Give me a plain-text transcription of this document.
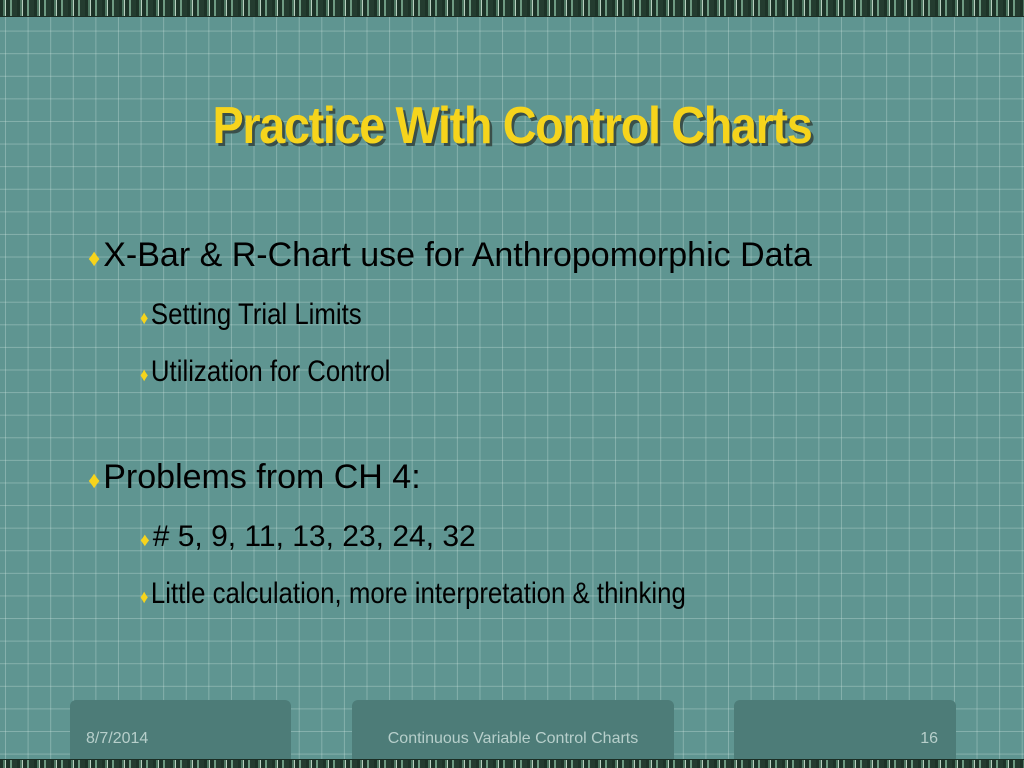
Practice With Control Charts
♦ X-Bar & R-Chart use for Anthropomorphic Data
♦ Setting Trial Limits
♦ Utilization for Control
♦ Problems from CH 4:
♦ # 5, 9, 11, 13, 23, 24, 32
♦ Little calculation, more interpretation & thinking
8/7/2014	Continuous Variable Control Charts	16
